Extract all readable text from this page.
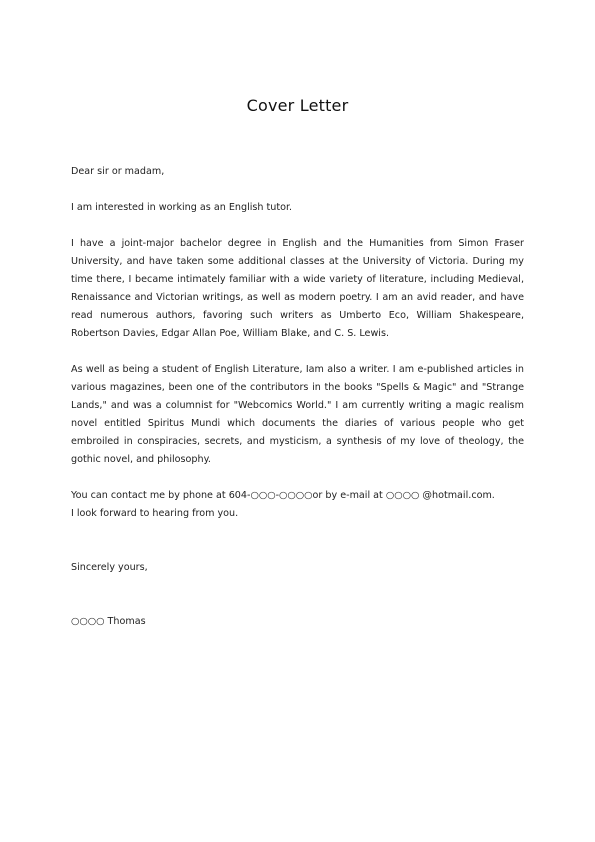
Cover Letter

Dear sir or madam,

I am interested in working as an English tutor.

I have a joint-major bachelor degree in English and the Humanities from Simon Fraser University, and have taken some additional classes at the University of Victoria. During my time there, I became intimately familiar with a wide variety of literature, including Medieval, Renaissance and Victorian writings, as well as modern poetry. I am an avid reader, and have read numerous authors, favoring such writers as Umberto Eco, William Shakespeare, Robertson Davies, Edgar Allan Poe, William Blake, and C. S. Lewis.

As well as being a student of English Literature, Iam also a writer. I am e-published articles in various magazines, been one of the contributors in the books "Spells & Magic" and "Strange Lands," and was a columnist for "Webcomics World." I am currently writing a magic realism novel entitled Spiritus Mundi which documents the diaries of various people who get embroiled in conspiracies, secrets, and mysticism, a synthesis of my love of theology, the gothic novel, and philosophy.

You can contact me by phone at 604-○○○-○○○○or by e-mail at ○○○○ @hotmail.com.

I look forward to hearing from you.

Sincerely yours,

○○○○ Thomas
